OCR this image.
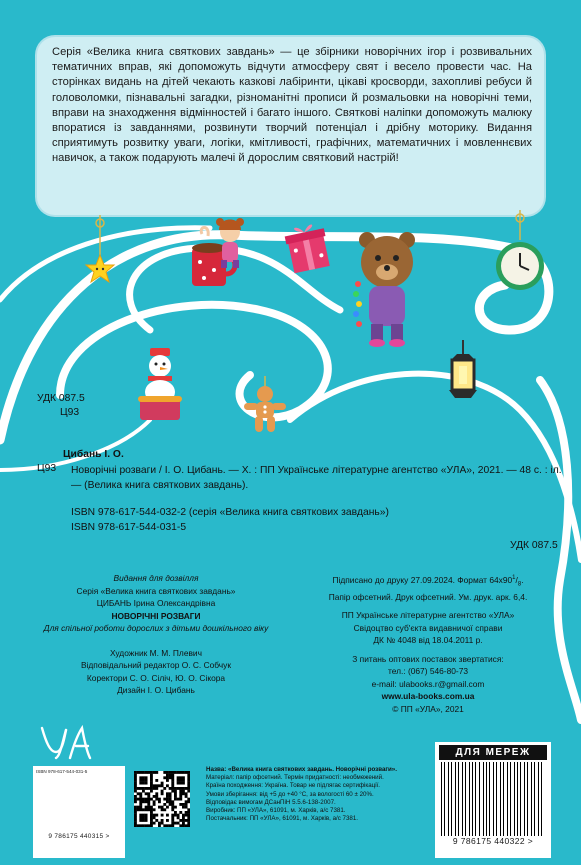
Серія «Велика книга святкових завдань» — це збірники новорічних ігор і розвивальних тематичних вправ, які допоможуть відчути атмосферу свят і весело провести час. На сторінках видань на дітей чекають казкові лабіринти, цікаві кросворди, захопливі ребуси й головоломки, пізнавальні загадки, різноманітні прописи й розмальовки на новорічні теми, вправи на знаходження відмінностей і багато іншого. Святкові наліпки допоможуть малюку впоратися із завданнями, розвинути творчий потенціал і дрібну моторику. Видання сприятимуть розвитку уваги, логіки, кмітливості, графічних, математичних і мовленнєвих навичок, а також подарують малечі й дорослим святковий настрій!
УДК 087.5
Ц93
Цибань І. О.
Ц93 Новорічні розваги / І. О. Цибань. — Х. : ПП Українське літературне агентство «УЛА», 2021. — 48 с. : іл. — (Велика книга святкових завдань).
ISBN 978-617-544-032-2 (серія «Велика книга святкових завдань»)
ISBN 978-617-544-031-5
УДК 087.5
Видання для дозвілля
Серія «Велика книга святкових завдань»
ЦИБАНЬ Ірина Олександрівна
НОВОРІЧНІ РОЗВАГИ
Для спільної роботи дорослих з дітьми дошкільного віку
Художник М. М. Плевич
Відповідальний редактор О. С. Собчук
Коректори С. О. Сіліч, Ю. О. Сікора
Дизайн І. О. Цибань
Підписано до друку 27.09.2024. Формат $64х90^1/_8$.
Папір офсетний. Друк офсетний. Ум. друк. арк. 6,4.
ПП Українське літературне агентство «УЛА»
Свідоцтво суб'єкта видавничої справи
ДК № 4048 від 18.04.2011 р.
З питань оптових поставок звертатися:
тел.: (067) 546-80-73
e-mail: ulabooks.r@gmail.com
www.ula-books.com.ua
© ПП «УЛА», 2021
ISBN 978-617-544-031-5
9 786175 440315 >
Назва: «Велика книга святкових завдань. Новорічні розваги».
Матеріал: папір офсетний. Термін придатності: необмежений.
Країна походження: Україна. Товар не підлягає сертифікації.
Умови зберігання: від +5 до +40 °С, за вологості 60 ± 20%.
Відповідає вимогам ДСанПіН 5.5.6-138-2007.
Виробник: ПП «УЛА», 61091, м. Харків, а/с 7381.
Постачальник: ПП «УЛА», 61091, м. Харків, а/с 7381.
ДЛЯ МЕРЕЖ
9 786175 440322 >
